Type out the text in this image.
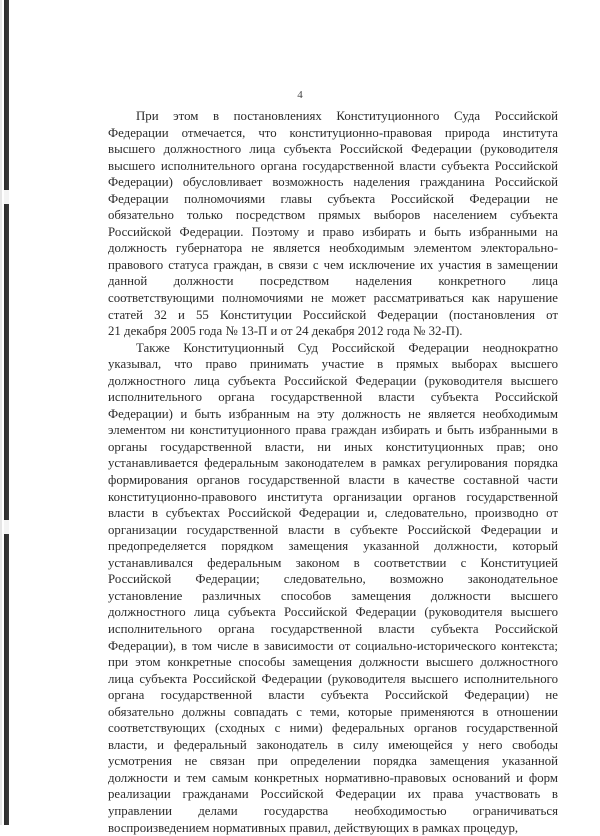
4

При этом в постановлениях Конституционного Суда Российской
Федерации отмечается, что конституционно-правовая природа института
высшего должностного лица субъекта Российской Федерации (руководителя
высшего исполнительного органа государственной власти субъекта Российской
Федерации) обусловливает возможность наделения гражданина Российской
Федерации полномочиями главы субъекта Российской Федерации не
обязательно только посредством прямых выборов населением субъекта
Российской Федерации. Поэтому и право избирать и быть избранными на
должность губернатора не является необходимым элементом электорально-
правового статуса граждан, в связи с чем исключение их участия в замещении
данной должности посредством наделения конкретного лица
соответствующими полномочиями не может рассматриваться как нарушение
статей 32 и 55 Конституции Российской Федерации (постановления от
21 декабря 2005 года № 13-П и от 24 декабря 2012 года № 32-П).

Также Конституционный Суд Российской Федерации неоднократно
указывал, что право принимать участие в прямых выборах высшего
должностного лица субъекта Российской Федерации (руководителя высшего
исполнительного органа государственной власти субъекта Российской
Федерации) и быть избранным на эту должность не является необходимым
элементом ни конституционного права граждан избирать и быть избранными в
органы государственной власти, ни иных конституционных прав; оно
устанавливается федеральным законодателем в рамках регулирования порядка
формирования органов государственной власти в качестве составной части
конституционно-правового института организации органов государственной
власти в субъектах Российской Федерации и, следовательно, производно от
организации государственной власти в субъекте Российской Федерации и
предопределяется порядком замещения указанной должности, который
устанавливался федеральным законом в соответствии с Конституцией
Российской Федерации; следовательно, возможно законодательное
установление различных способов замещения должности высшего
должностного лица субъекта Российской Федерации (руководителя высшего
исполнительного органа государственной власти субъекта Российской
Федерации), в том числе в зависимости от социально-исторического контекста;
при этом конкретные способы замещения должности высшего должностного
лица субъекта Российской Федерации (руководителя высшего исполнительного
органа государственной власти субъекта Российской Федерации) не
обязательно должны совпадать с теми, которые применяются в отношении
соответствующих (сходных с ними) федеральных органов государственной
власти, и федеральный законодатель в силу имеющейся у него свободы
усмотрения не связан при определении порядка замещения указанной
должности и тем самым конкретных нормативно-правовых оснований и форм
реализации гражданами Российской Федерации их права участвовать в
управлении делами государства необходимостью ограничиваться
воспроизведением нормативных правил, действующих в рамках процедур,
